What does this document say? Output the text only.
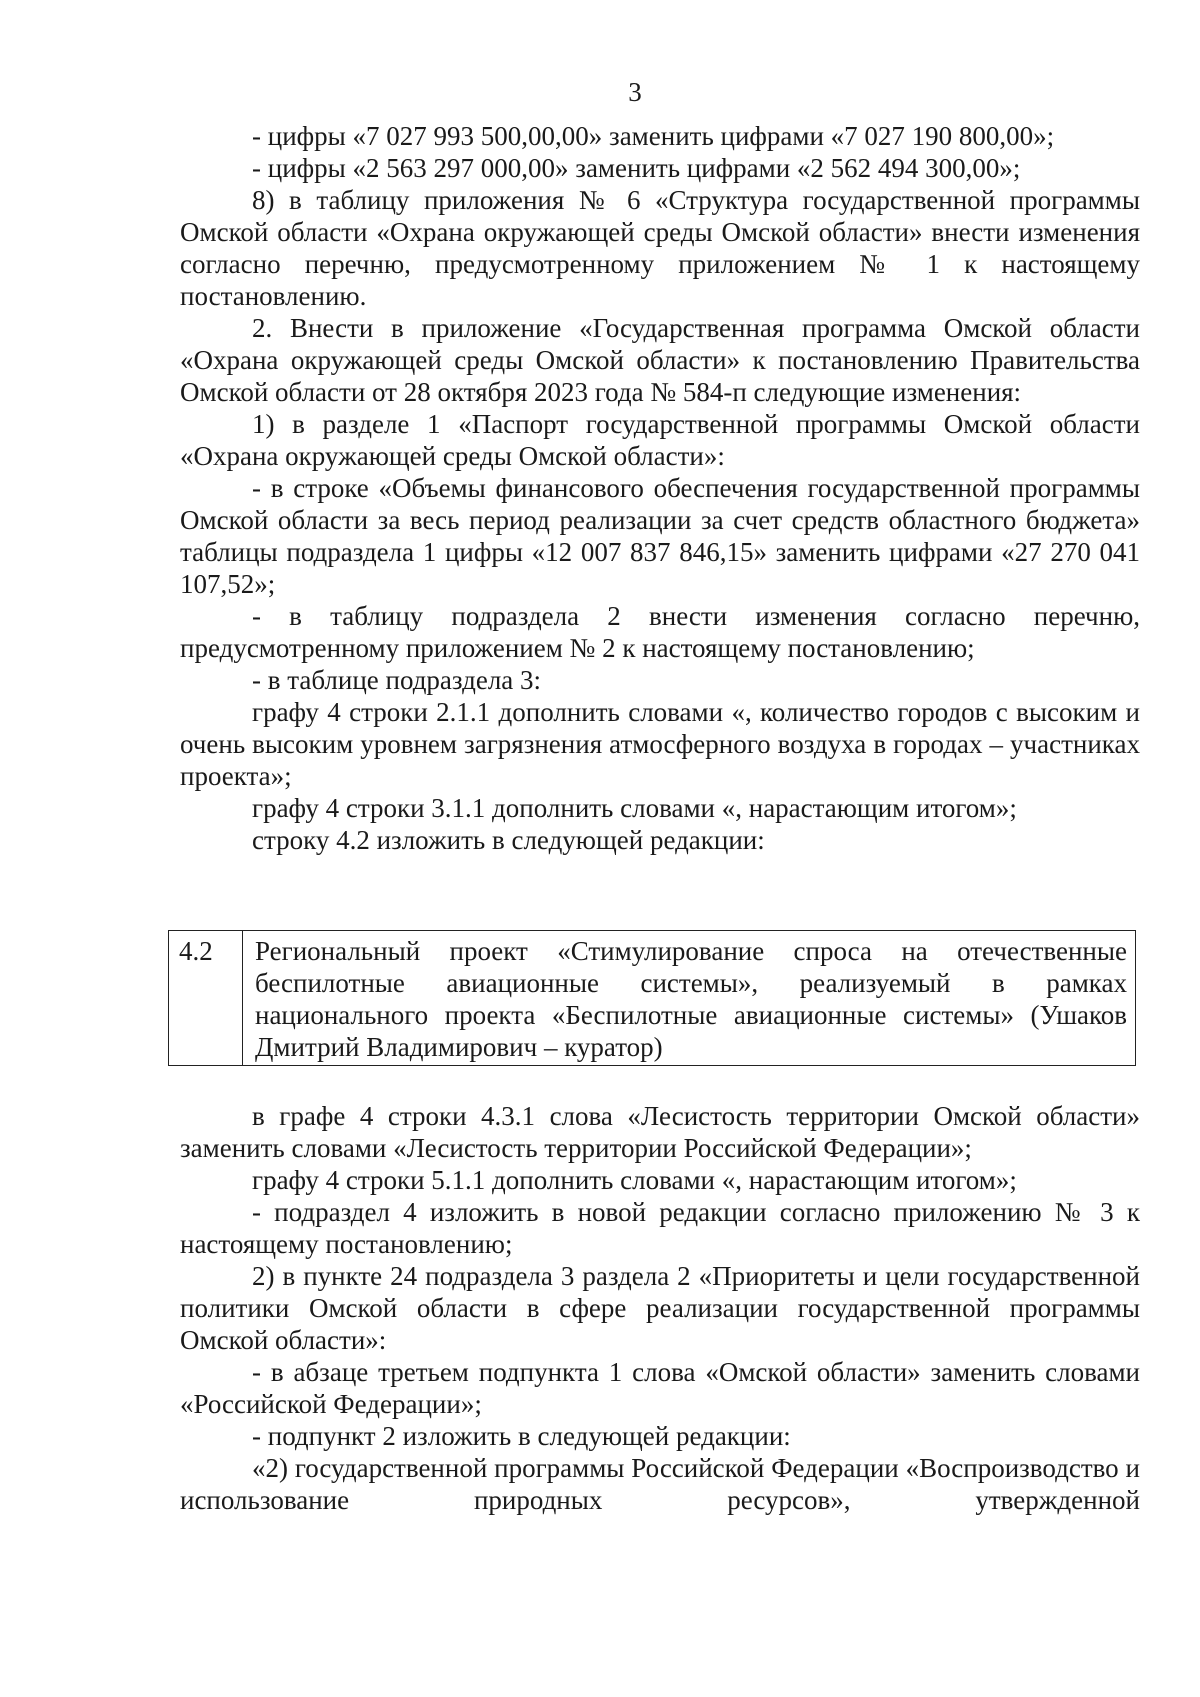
3

- цифры «7 027 993 500,00,00» заменить цифрами «7 027 190 800,00»;

- цифры «2 563 297 000,00» заменить цифрами «2 562 494 300,00»;

8) в таблицу приложения № 6 «Структура государственной программы Омской области «Охрана окружающей среды Омской области» внести изменения согласно перечню, предусмотренному приложением № 1 к настоящему постановлению.

2. Внести в приложение «Государственная программа Омской области «Охрана окружающей среды Омской области» к постановлению Правительства Омской области от 28 октября 2023 года № 584-п следующие изменения:

1) в разделе 1 «Паспорт государственной программы Омской области «Охрана окружающей среды Омской области»:

- в строке «Объемы финансового обеспечения государственной программы Омской области за весь период реализации за счет средств областного бюджета» таблицы подраздела 1 цифры «12 007 837 846,15» заменить цифрами «27 270 041 107,52»;

- в таблицу подраздела 2 внести изменения согласно перечню, предусмотренному приложением № 2 к настоящему постановлению;

- в таблице подраздела 3:

графу 4 строки 2.1.1 дополнить словами «, количество городов с высоким и очень высоким уровнем загрязнения атмосферного воздуха в городах – участниках проекта»;

графу 4 строки 3.1.1 дополнить словами «, нарастающим итогом»;

строку 4.2 изложить в следующей редакции:

4.2	Региональный проект «Стимулирование спроса на отечественные беспилотные авиационные системы», реализуемый в рамках национального проекта «Беспилотные авиационные системы» (Ушаков Дмитрий Владимирович – куратор)

в графе 4 строки 4.3.1 слова «Лесистость территории Омской области» заменить словами «Лесистость территории Российской Федерации»;

графу 4 строки 5.1.1 дополнить словами «, нарастающим итогом»;

- подраздел 4 изложить в новой редакции согласно приложению № 3 к настоящему постановлению;

2) в пункте 24 подраздела 3 раздела 2 «Приоритеты и цели государственной политики Омской области в сфере реализации государственной программы Омской области»:

- в абзаце третьем подпункта 1 слова «Омской области» заменить словами «Российской Федерации»;

- подпункт 2 изложить в следующей редакции:

«2) государственной программы Российской Федерации «Воспроизводство и использование природных ресурсов», утвержденной
